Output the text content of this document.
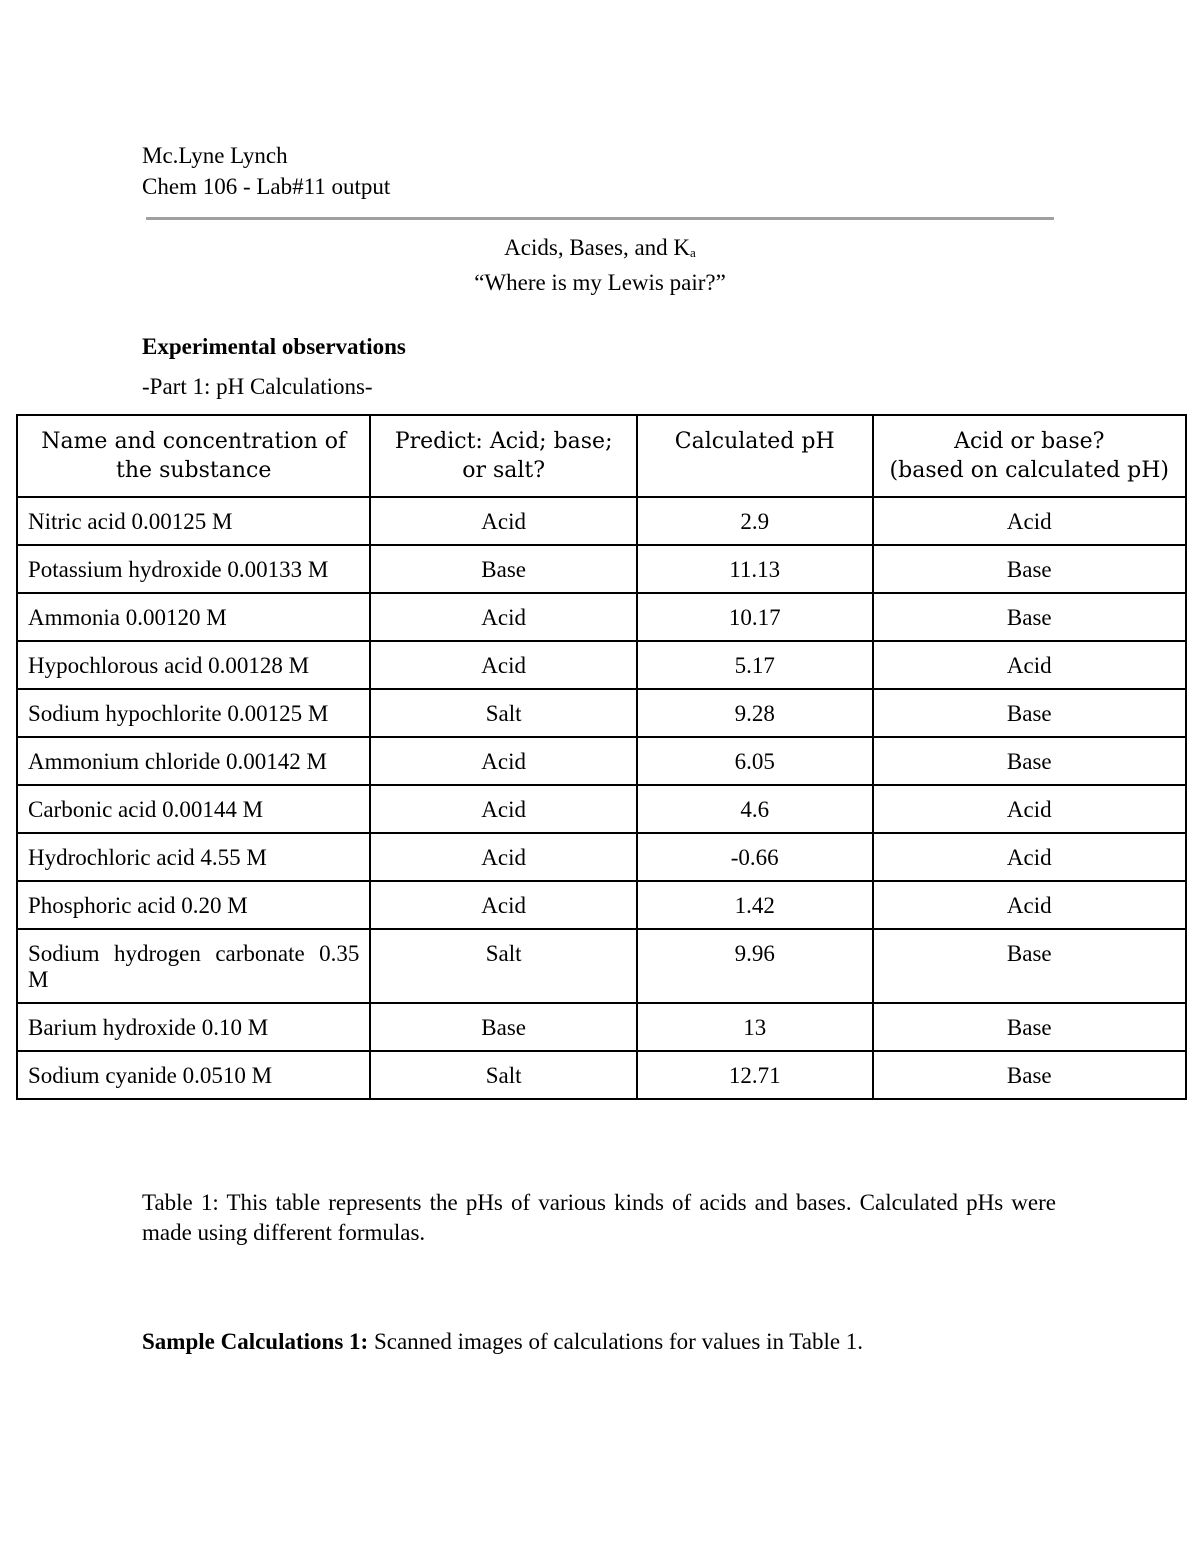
Mc.Lyne Lynch
Chem 106 - Lab#11 output
Acids, Bases, and $K_a$
“Where is my Lewis pair?”
Experimental observations
-Part 1: pH Calculations-
Name and concentration of
the substance	Predict: Acid; base;
or salt?	Calculated pH	Acid or base?
(based on calculated pH)
Nitric acid 0.00125 M	Acid	2.9	Acid
Potassium hydroxide 0.00133 M	Base	11.13	Base
Ammonia 0.00120 M	Acid	10.17	Base
Hypochlorous acid 0.00128 M	Acid	5.17	Acid
Sodium hypochlorite 0.00125 M	Salt	9.28	Base
Ammonium chloride 0.00142 M	Acid	6.05	Base
Carbonic acid 0.00144 M	Acid	4.6	Acid
Hydrochloric acid 4.55 M	Acid	-0.66	Acid
Phosphoric acid 0.20 M	Acid	1.42	Acid
Sodium hydrogen carbonate 0.35 M	Salt	9.96	Base
Barium hydroxide 0.10 M	Base	13	Base
Sodium cyanide 0.0510 M	Salt	12.71	Base
Table 1: This table represents the pHs of various kinds of acids and bases. Calculated pHs were made using different formulas.
Sample Calculations 1: Scanned images of calculations for values in Table 1.
